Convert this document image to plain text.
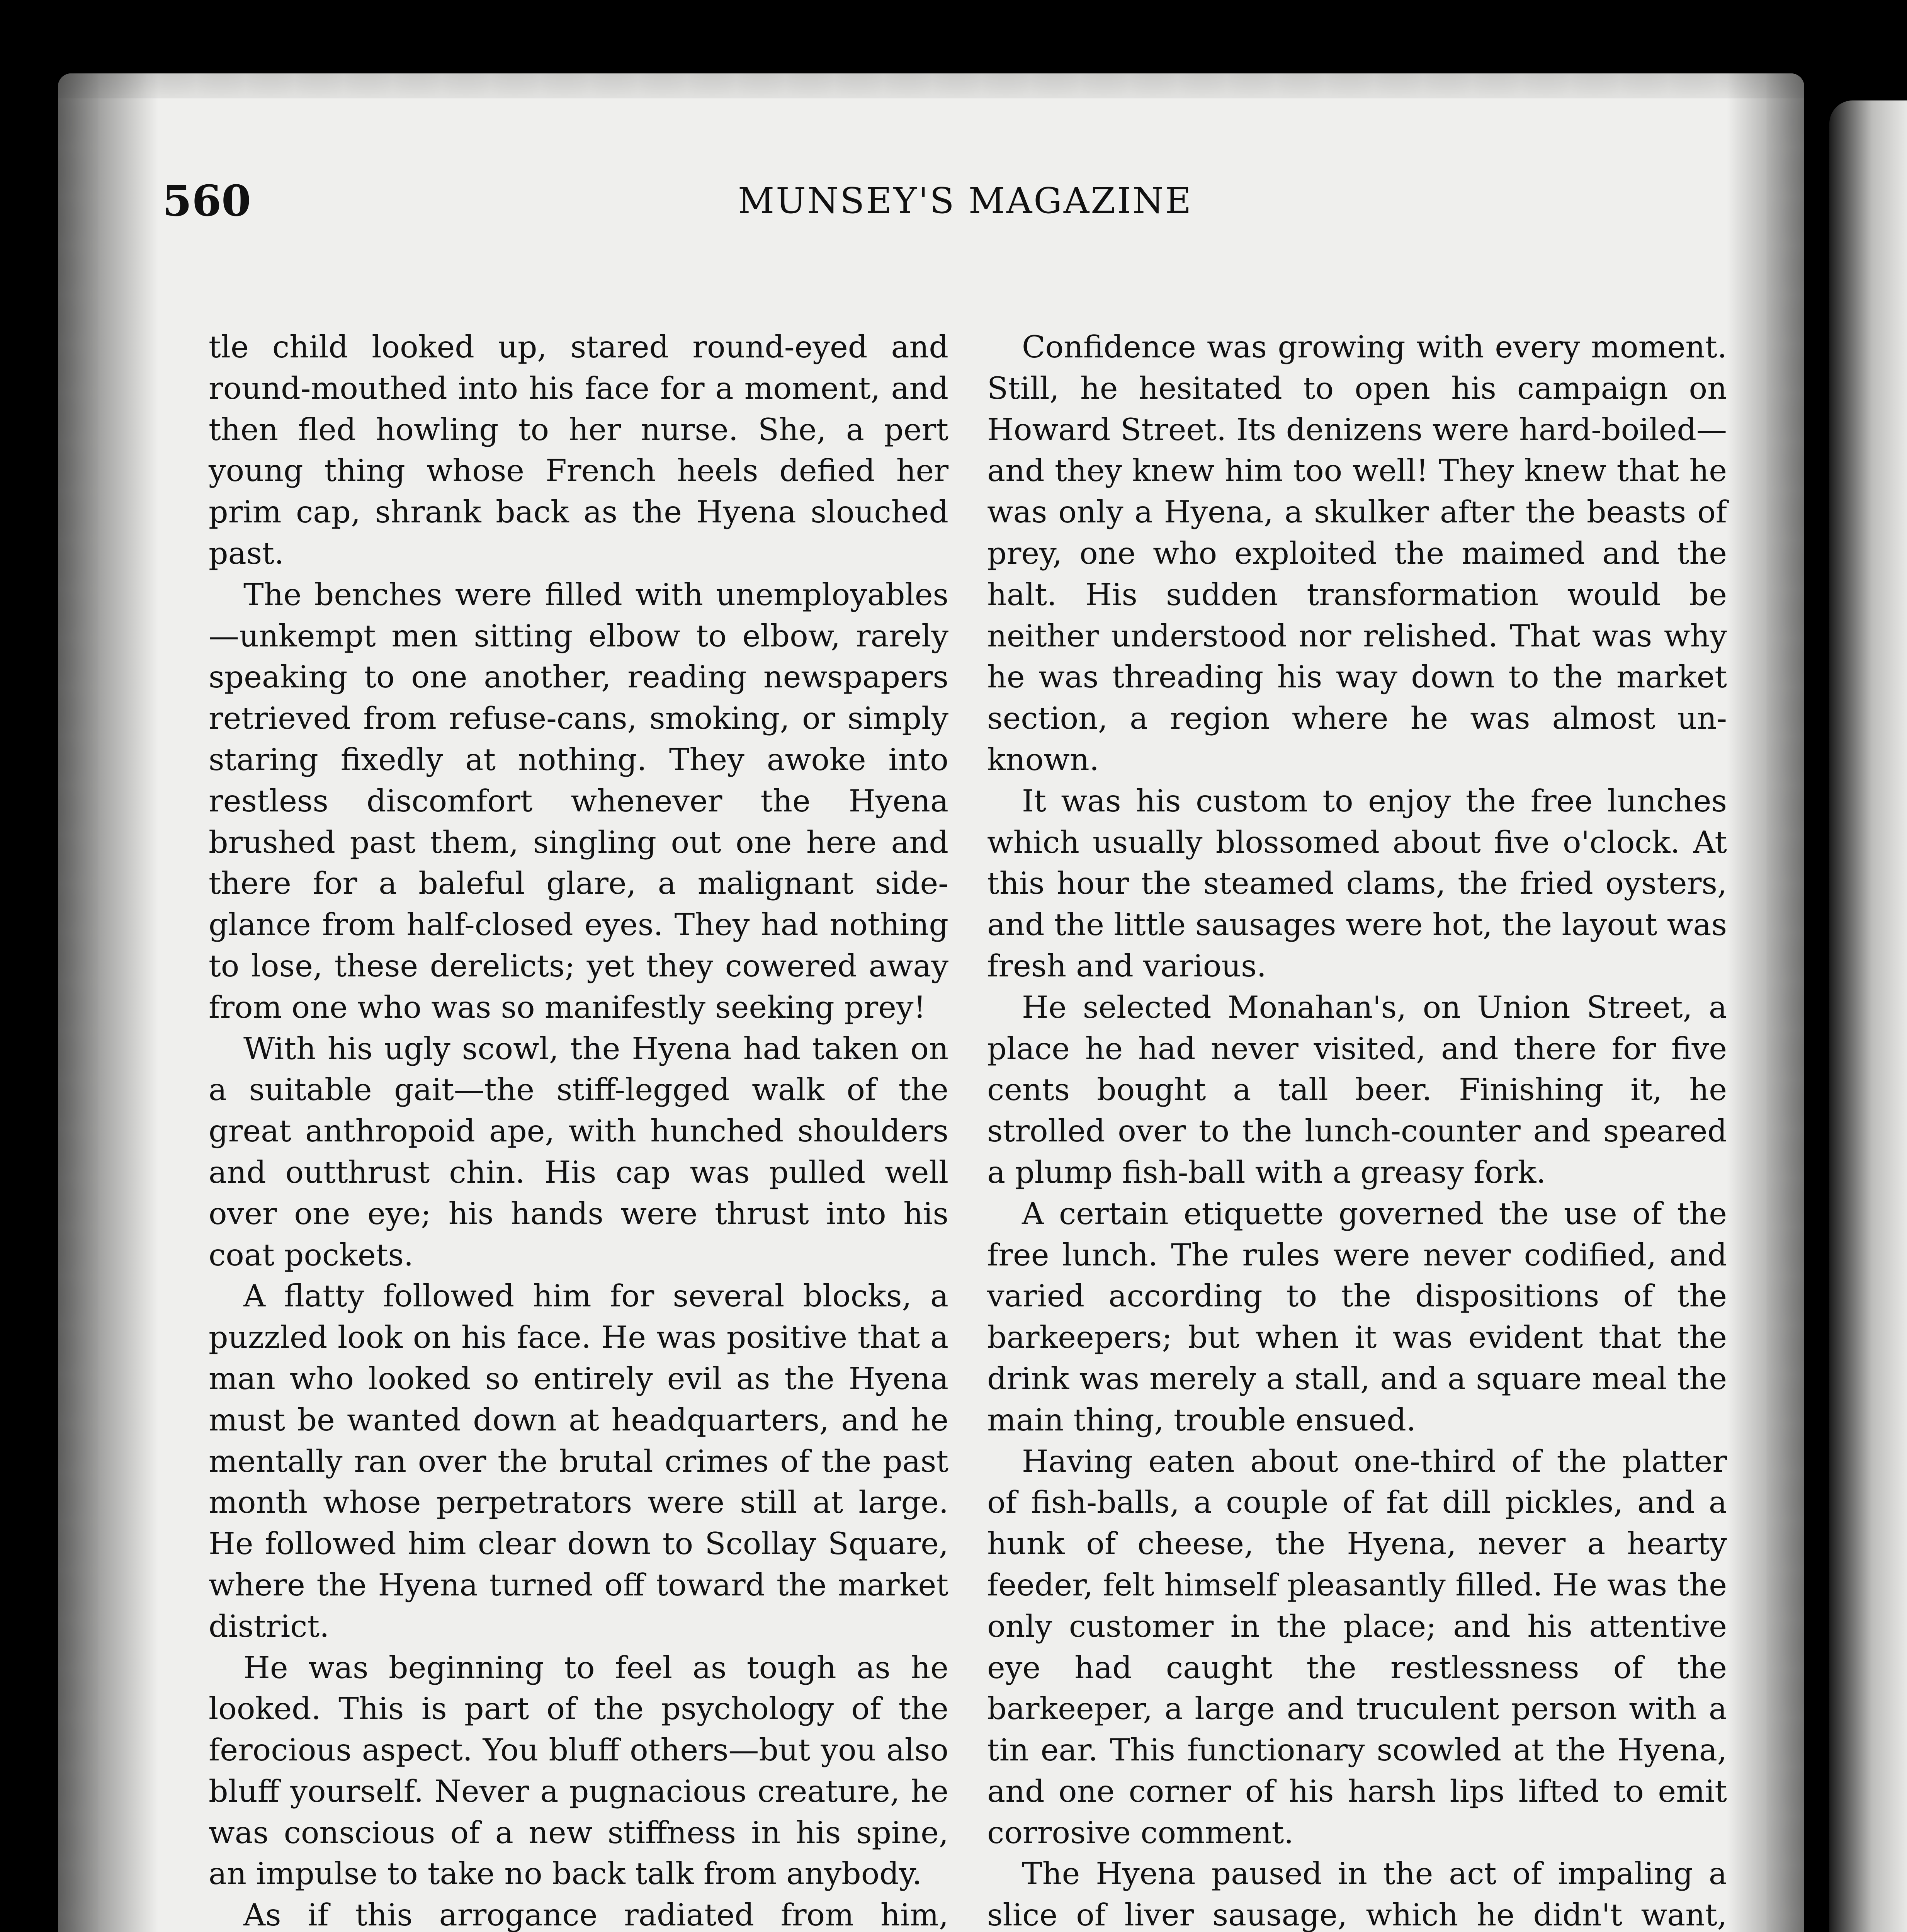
560	MUNSEY'S MAGAZINE

tle child looked up, stared round-eyed and round-mouthed into his face for a moment, and then fled howling to her nurse. She, a pert young thing whose French heels defied her prim cap, shrank back as the Hyena slouched past.

The benches were filled with unemployables—unkempt men sitting elbow to elbow, rarely speaking to one another, reading newspapers retrieved from refuse-cans, smoking, or simply staring fixedly at nothing. They awoke into restless discomfort whenever the Hyena brushed past them, singling out one here and there for a baleful glare, a malignant side-glance from half-closed eyes. They had nothing to lose, these derelicts; yet they cowered away from one who was so manifestly seeking prey!

With his ugly scowl, the Hyena had taken on a suitable gait—the stiff-legged walk of the great anthropoid ape, with hunched shoulders and outthrust chin. His cap was pulled well over one eye; his hands were thrust into his coat pockets.

A flatty followed him for several blocks, a puzzled look on his face. He was positive that a man who looked so entirely evil as the Hyena must be wanted down at headquarters, and he mentally ran over the brutal crimes of the past month whose perpetrators were still at large. He followed him clear down to Scollay Square, where the Hyena turned off toward the market district.

He was beginning to feel as tough as he looked. This is part of the psychology of the ferocious aspect. You bluff others—but you also bluff yourself. Never a pugnacious creature, he was conscious of a new stiffness in his spine, an impulse to take no back talk from anybody.

As if this arrogance radiated from him,

Confidence was growing with every moment. Still, he hesitated to open his campaign on Howard Street. Its denizens were hard-boiled—and they knew him too well! They knew that he was only a Hyena, a skulker after the beasts of prey, one who exploited the maimed and the halt. His sudden transformation would be neither understood nor relished. That was why he was threading his way down to the market section, a region where he was almost unknown.

It was his custom to enjoy the free lunches which usually blossomed about five o'clock. At this hour the steamed clams, the fried oysters, and the little sausages were hot, the layout was fresh and various.

He selected Monahan's, on Union Street, a place he had never visited, and there for five cents bought a tall beer. Finishing it, he strolled over to the lunch-counter and speared a plump fish-ball with a greasy fork.

A certain etiquette governed the use of the free lunch. The rules were never codified, and varied according to the dispositions of the barkeepers; but when it was evident that the drink was merely a stall, and a square meal the main thing, trouble ensued.

Having eaten about one-third of the platter of fish-balls, a couple of fat dill pickles, and a hunk of cheese, the Hyena, never a hearty feeder, felt himself pleasantly filled. He was the only customer in the place; and his attentive eye had caught the restlessness of the barkeeper, a large and truculent person with a tin ear. This functionary scowled at the Hyena, and one corner of his harsh lips lifted to emit corrosive comment.

The Hyena paused in the act of impaling a slice of liver sausage, which he didn't want,
